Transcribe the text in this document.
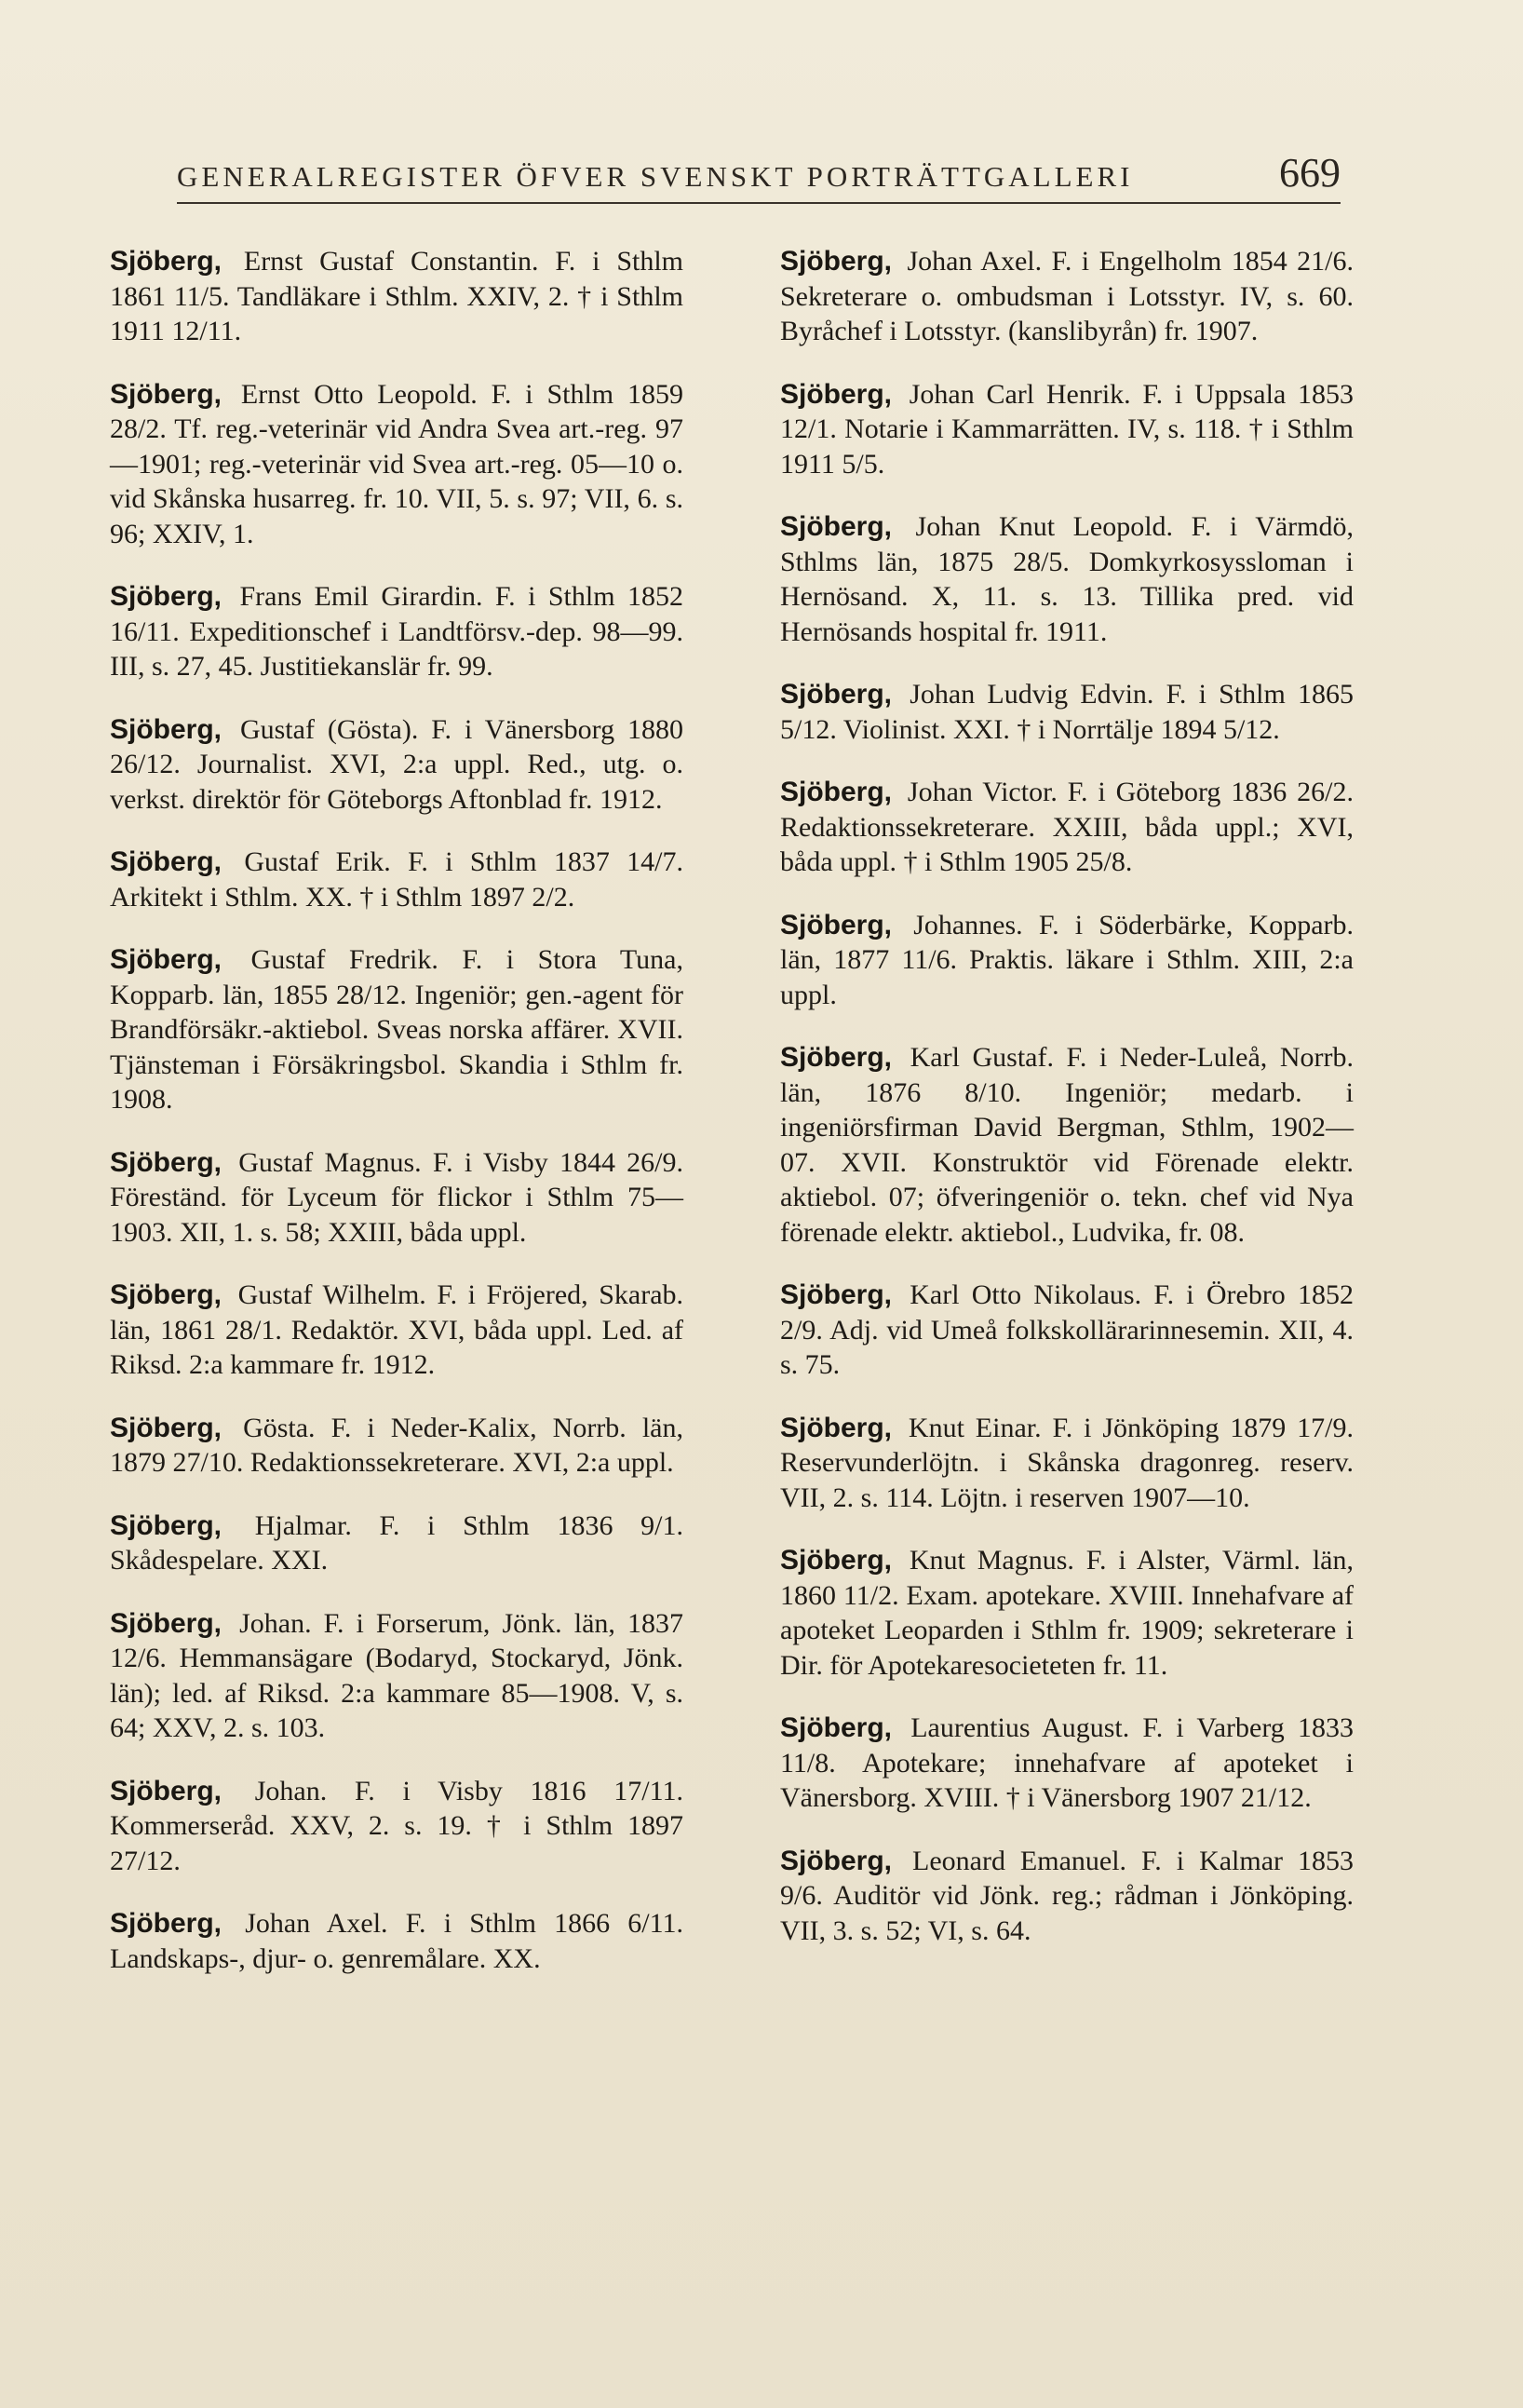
GENERALREGISTER ÖFVER SVENSKT PORTRÄTTGALLERI	669

Sjöberg, Ernst Gustaf Constantin. F. i Sthlm 1861 11/5. Tandläkare i Sthlm. XXIV, 2. † i Sthlm 1911 12/11.

Sjöberg, Ernst Otto Leopold. F. i Sthlm 1859 28/2. Tf. reg.-veterinär vid Andra Svea art.-reg. 97—1901; reg.-veterinär vid Svea art.-reg. 05—10 o. vid Skånska husarreg. fr. 10. VII, 5. s. 97; VII, 6. s. 96; XXIV, 1.

Sjöberg, Frans Emil Girardin. F. i Sthlm 1852 16/11. Expeditionschef i Landtförsv.-dep. 98—99. III, s. 27, 45. Justitiekanslär fr. 99.

Sjöberg, Gustaf (Gösta). F. i Vänersborg 1880 26/12. Journalist. XVI, 2:a uppl. Red., utg. o. verkst. direktör för Göteborgs Aftonblad fr. 1912.

Sjöberg, Gustaf Erik. F. i Sthlm 1837 14/7. Arkitekt i Sthlm. XX. † i Sthlm 1897 2/2.

Sjöberg, Gustaf Fredrik. F. i Stora Tuna, Kopparb. län, 1855 28/12. Ingeniör; gen.-agent för Brandförsäkr.-aktiebol. Sveas norska affärer. XVII. Tjänsteman i Försäkringsbol. Skandia i Sthlm fr. 1908.

Sjöberg, Gustaf Magnus. F. i Visby 1844 26/9. Föreständ. för Lyceum för flickor i Sthlm 75—1903. XII, 1. s. 58; XXIII, båda uppl.

Sjöberg, Gustaf Wilhelm. F. i Fröjered, Skarab. län, 1861 28/1. Redaktör. XVI, båda uppl. Led. af Riksd. 2:a kammare fr. 1912.

Sjöberg, Gösta. F. i Neder-Kalix, Norrb. län, 1879 27/10. Redaktionssekreterare. XVI, 2:a uppl.

Sjöberg, Hjalmar. F. i Sthlm 1836 9/1. Skådespelare. XXI.

Sjöberg, Johan. F. i Forserum, Jönk. län, 1837 12/6. Hemmansägare (Bodaryd, Stockaryd, Jönk. län); led. af Riksd. 2:a kammare 85—1908. V, s. 64; XXV, 2. s. 103.

Sjöberg, Johan. F. i Visby 1816 17/11. Kommerseråd. XXV, 2. s. 19. † i Sthlm 1897 27/12.

Sjöberg, Johan Axel. F. i Sthlm 1866 6/11. Landskaps-, djur- o. genremålare. XX.

Sjöberg, Johan Axel. F. i Engelholm 1854 21/6. Sekreterare o. ombudsman i Lotsstyr. IV, s. 60. Byråchef i Lotsstyr. (kanslibyrån) fr. 1907.

Sjöberg, Johan Carl Henrik. F. i Uppsala 1853 12/1. Notarie i Kammarrätten. IV, s. 118. † i Sthlm 1911 5/5.

Sjöberg, Johan Knut Leopold. F. i Värmdö, Sthlms län, 1875 28/5. Domkyrkosyssloman i Hernösand. X, 11. s. 13. Tillika pred. vid Hernösands hospital fr. 1911.

Sjöberg, Johan Ludvig Edvin. F. i Sthlm 1865 5/12. Violinist. XXI. † i Norrtälje 1894 5/12.

Sjöberg, Johan Victor. F. i Göteborg 1836 26/2. Redaktionssekreterare. XXIII, båda uppl.; XVI, båda uppl. † i Sthlm 1905 25/8.

Sjöberg, Johannes. F. i Söderbärke, Kopparb. län, 1877 11/6. Praktis. läkare i Sthlm. XIII, 2:a uppl.

Sjöberg, Karl Gustaf. F. i Neder-Luleå, Norrb. län, 1876 8/10. Ingeniör; medarb. i ingeniörsfirman David Bergman, Sthlm, 1902—07. XVII. Konstruktör vid Förenade elektr. aktiebol. 07; öfveringeniör o. tekn. chef vid Nya förenade elektr. aktiebol., Ludvika, fr. 08.

Sjöberg, Karl Otto Nikolaus. F. i Örebro 1852 2/9. Adj. vid Umeå folkskollärarinnesemin. XII, 4. s. 75.

Sjöberg, Knut Einar. F. i Jönköping 1879 17/9. Reservunderlöjtn. i Skånska dragonreg. reserv. VII, 2. s. 114. Löjtn. i reserven 1907—10.

Sjöberg, Knut Magnus. F. i Alster, Värml. län, 1860 11/2. Exam. apotekare. XVIII. Innehafvare af apoteket Leoparden i Sthlm fr. 1909; sekreterare i Dir. för Apotekaresocieteten fr. 11.

Sjöberg, Laurentius August. F. i Varberg 1833 11/8. Apotekare; innehafvare af apoteket i Vänersborg. XVIII. † i Vänersborg 1907 21/12.

Sjöberg, Leonard Emanuel. F. i Kalmar 1853 9/6. Auditör vid Jönk. reg.; rådman i Jönköping. VII, 3. s. 52; VI, s. 64.
